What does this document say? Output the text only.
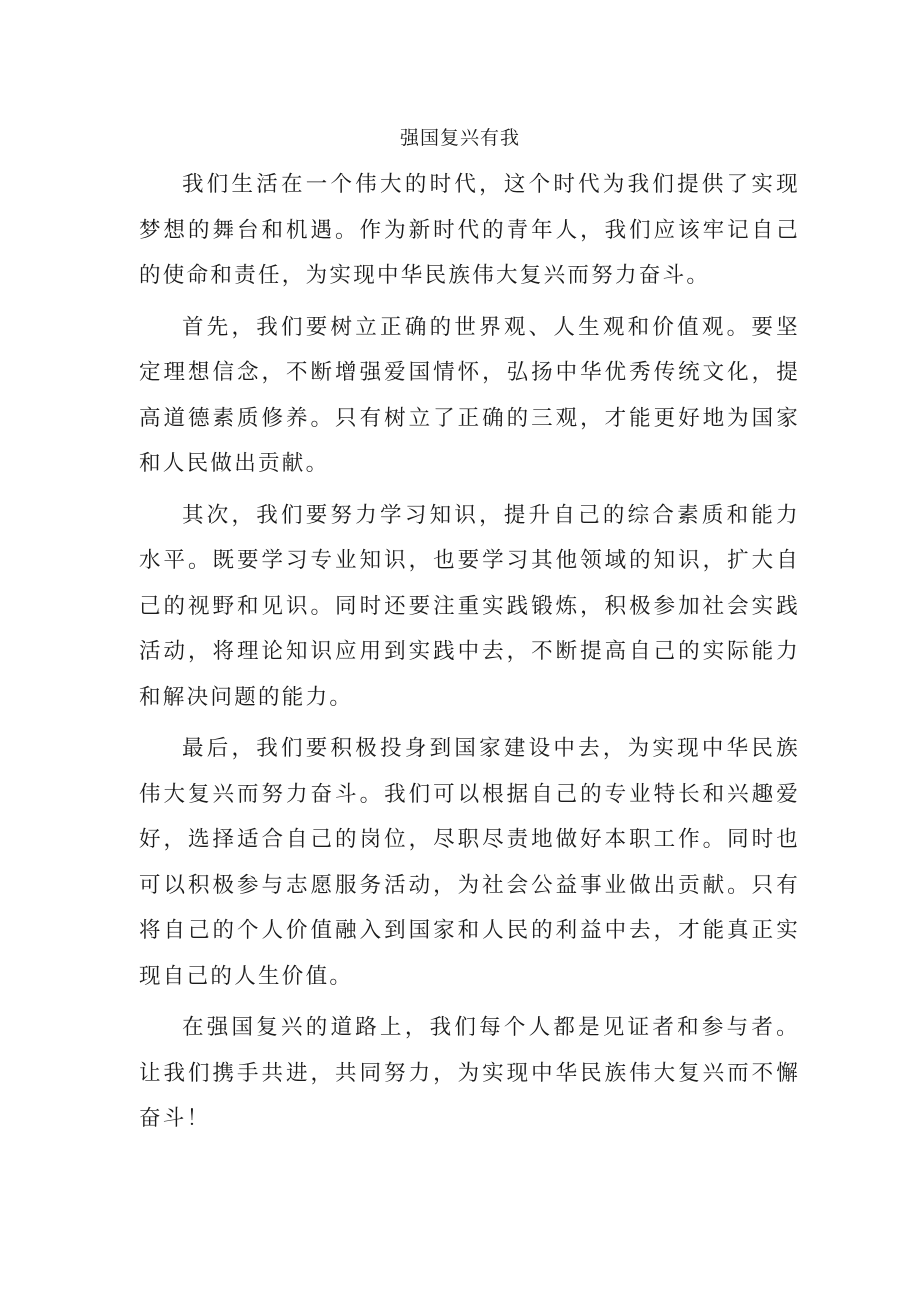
强国复兴有我

我们生活在一个伟大的时代，这个时代为我们提供了实现梦想的舞台和机遇。作为新时代的青年人，我们应该牢记自己的使命和责任，为实现中华民族伟大复兴而努力奋斗。

首先，我们要树立正确的世界观、人生观和价值观。要坚定理想信念，不断增强爱国情怀，弘扬中华优秀传统文化，提高道德素质修养。只有树立了正确的三观，才能更好地为国家和人民做出贡献。

其次，我们要努力学习知识，提升自己的综合素质和能力水平。既要学习专业知识，也要学习其他领域的知识，扩大自己的视野和见识。同时还要注重实践锻炼，积极参加社会实践活动，将理论知识应用到实践中去，不断提高自己的实际能力和解决问题的能力。

最后，我们要积极投身到国家建设中去，为实现中华民族伟大复兴而努力奋斗。我们可以根据自己的专业特长和兴趣爱好，选择适合自己的岗位，尽职尽责地做好本职工作。同时也可以积极参与志愿服务活动，为社会公益事业做出贡献。只有将自己的个人价值融入到国家和人民的利益中去，才能真正实现自己的人生价值。

在强国复兴的道路上，我们每个人都是见证者和参与者。让我们携手共进，共同努力，为实现中华民族伟大复兴而不懈奋斗！
